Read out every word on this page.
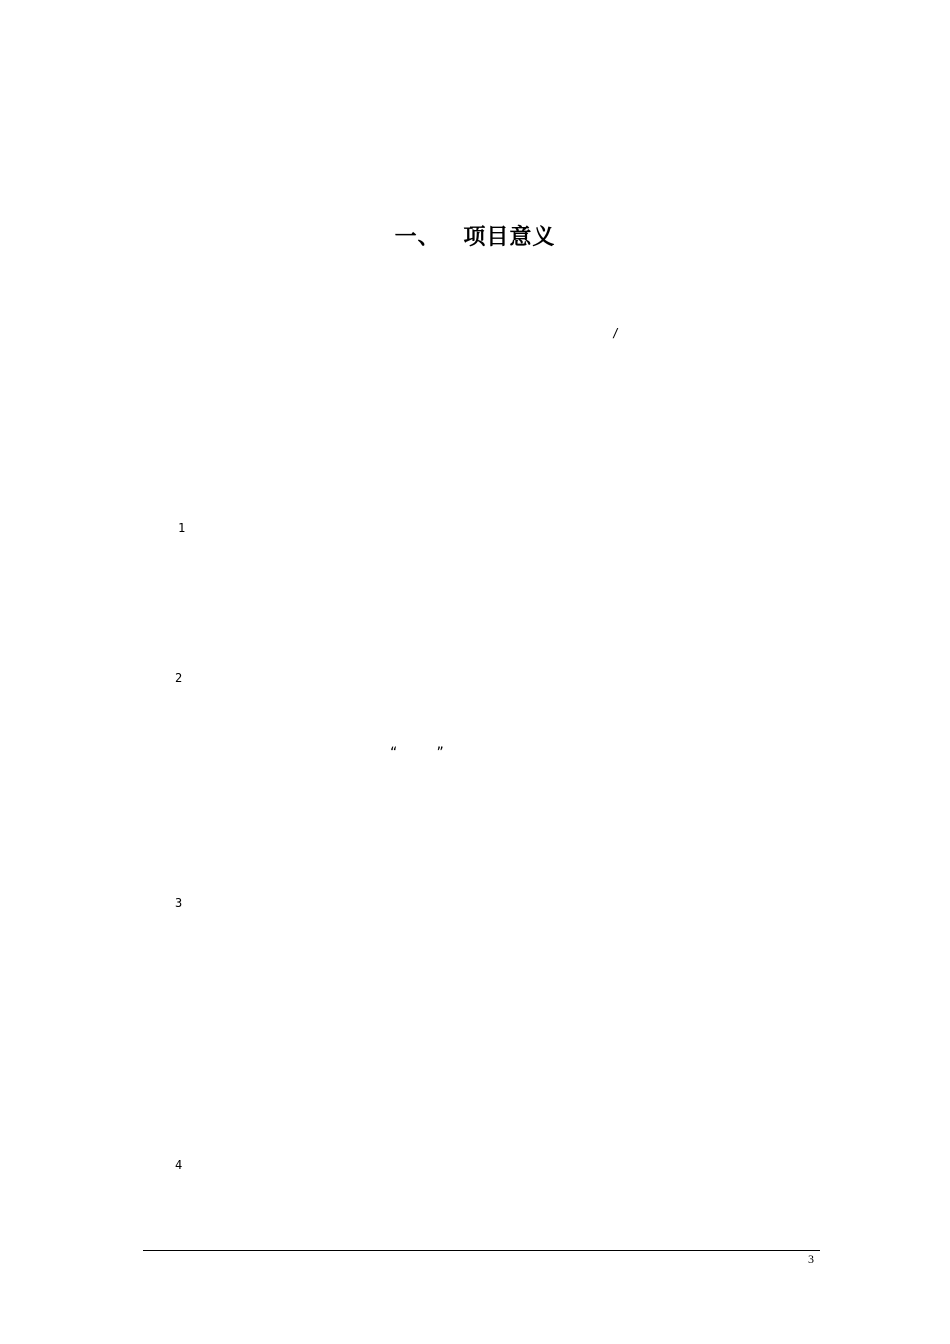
一、 项目意义
/
1
2
“ ”
3
4
3
